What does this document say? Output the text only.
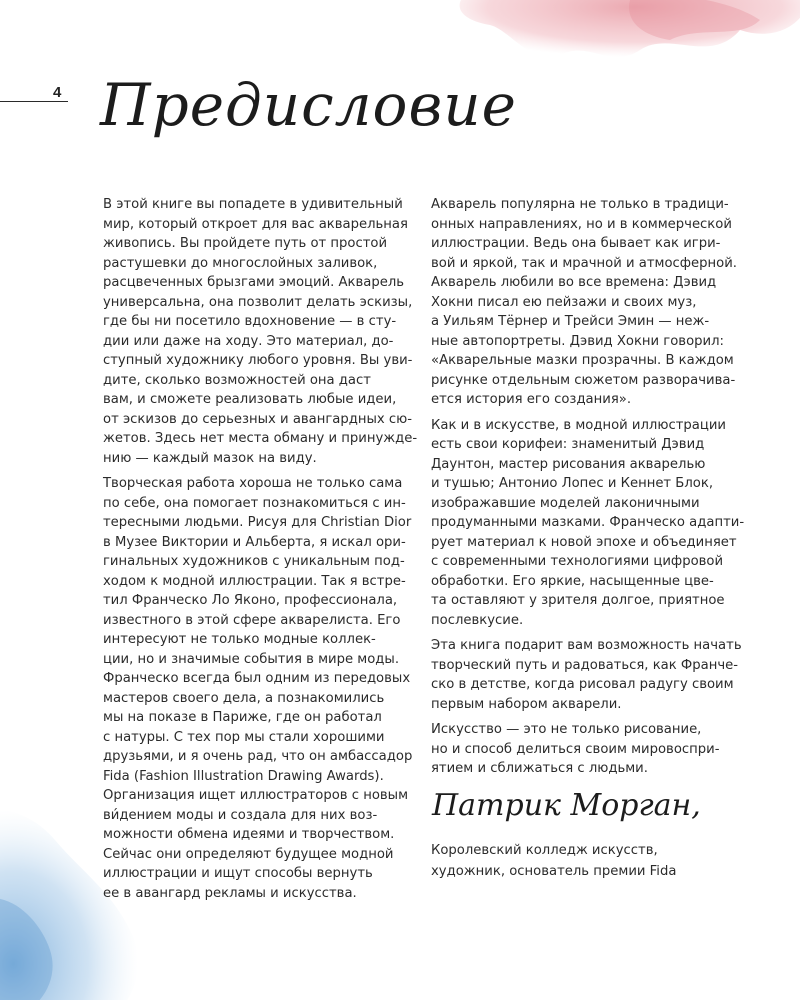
4 Предисловие
В этой книге вы попадете в удивительный
мир, который откроет для вас акварельная
живопись. Вы пройдете путь от простой
растушевки до многослойных заливок,
расцвеченных брызгами эмоций. Акварель
универсальна, она позволит делать эскизы,
где бы ни посетило вдохновение — в сту-
дии или даже на ходу. Это материал, до-
ступный художнику любого уровня. Вы уви-
дите, сколько возможностей она даст
вам, и сможете реализовать любые идеи,
от эскизов до серьезных и авангардных сю-
жетов. Здесь нет места обману и принужде-
нию — каждый мазок на виду.
Творческая работа хороша не только сама
по себе, она помогает познакомиться с ин-
тересными людьми. Рисуя для Christian Dior
в Музее Виктории и Альберта, я искал ори-
гинальных художников с уникальным под-
ходом к модной иллюстрации. Так я встре-
тил Франческо Ло Яконо, профессионала,
известного в этой сфере акварелиста. Его
интересуют не только модные коллек-
ции, но и значимые события в мире моды.
Франческо всегда был одним из передовых
мастеров своего дела, а познакомились
мы на показе в Париже, где он работал
с натуры. С тех пор мы стали хорошими
друзьями, и я очень рад, что он амбассадор
Fida (Fashion Illustration Drawing Awards).
Организация ищет иллюстраторов с новым
ви́дением моды и создала для них воз-
можности обмена идеями и творчеством.
Сейчас они определяют будущее модной
иллюстрации и ищут способы вернуть
ее в авангард рекламы и искусства.
Акварель популярна не только в традици-
онных направлениях, но и в коммерческой
иллюстрации. Ведь она бывает как игри-
вой и яркой, так и мрачной и атмосферной.
Акварель любили во все времена: Дэвид
Хокни писал ею пейзажи и своих муз,
а Уильям Тёрнер и Трейси Эмин — неж-
ные автопортреты. Дэвид Хокни говорил:
«Акварельные мазки прозрачны. В каждом
рисунке отдельным сюжетом разворачива-
ется история его создания».
Как и в искусстве, в модной иллюстрации
есть свои корифеи: знаменитый Дэвид
Даунтон, мастер рисования акварелью
и тушью; Антонио Лопес и Кеннет Блок,
изображавшие моделей лаконичными
продуманными мазками. Франческо адапти-
рует материал к новой эпохе и объединяет
с современными технологиями цифровой
обработки. Его яркие, насыщенные цве-
та оставляют у зрителя долгое, приятное
послевкусие.
Эта книга подарит вам возможность начать
творческий путь и радоваться, как Франче-
ско в детстве, когда рисовал радугу своим
первым набором акварели.
Искусство — это не только рисование,
но и способ делиться своим мировоспри-
ятием и сближаться с людьми.
Патрик Морган,
Королевский колледж искусств,
художник, основатель премии Fida
